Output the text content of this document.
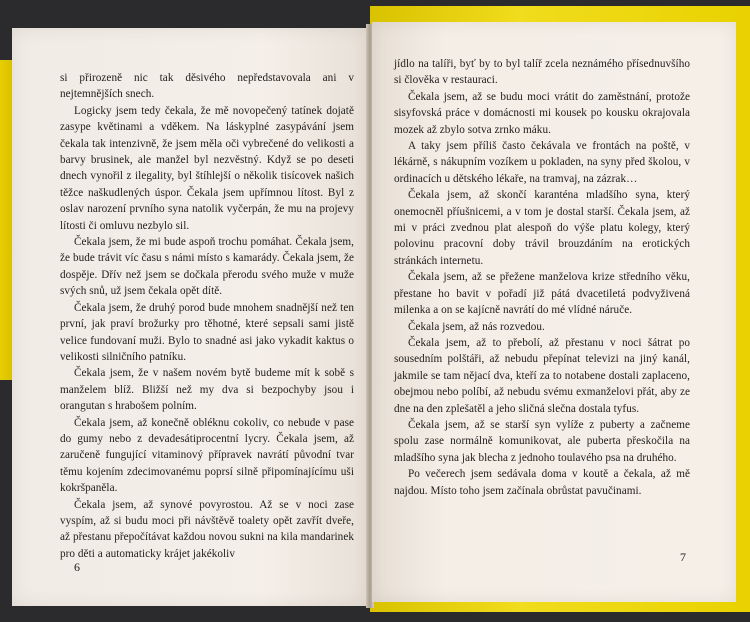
si přirozeně nic tak děsivého nepředstavovala ani v nejtemnějších snech.

Logicky jsem tedy čekala, že mě novopečený tatínek dojatě zasype květinami a vděkem. Na láskyplné zasypávání jsem čekala tak intenzivně, že jsem měla oči vybrečené do velikosti a barvy brusinek, ale manžel byl nezvěstný. Když se po deseti dnech vynořil z ilegality, byl štíhlejší o několik tisícovek našich těžce naškudlených úspor. Čekala jsem upřímnou lítost. Byl z oslav narození prvního syna natolik vyčerpán, že mu na projevy lítosti či omluvu nezbylo sil.

Čekala jsem, že mi bude aspoň trochu pomáhat. Čekala jsem, že bude trávit víc času s námi místo s kamarády. Čekala jsem, že dospěje. Dřív než jsem se dočkala přerodu svého muže v muže svých snů, už jsem čekala opět dítě.

Čekala jsem, že druhý porod bude mnohem snadnější než ten první, jak praví brožurky pro těhotné, které sepsali sami jistě velice fundovaní muži. Bylo to snadné asi jako vykadit kaktus o velikosti silničního patníku.

Čekala jsem, že v našem novém bytě budeme mít k sobě s manželem blíž. Bližší než my dva si bezpochyby jsou i orangutan s hrabošem polním.

Čekala jsem, až konečně obléknu cokoliv, co nebude v pase do gumy nebo z devadesátiprocentní lycry. Čekala jsem, až zaručeně fungující vitaminový přípravek navrátí původní tvar těmu kojením zdecimovanému poprsí silně připomínajícímu uši kokršpaněla.

Čekala jsem, až synové povyrostou. Až se v noci zase vyspím, až si budu moci při návštěvě toalety opět zavřít dveře, až přestanu přepočítávat každou novou sukni na kila mandarinek pro děti a automaticky krájet jakékoliv

6

jídlo na talíři, byť by to byl talíř zcela neznámého přísednuvšího si člověka v restauraci.

Čekala jsem, až se budu moci vrátit do zaměstnání, protože sisyfovská práce v domácnosti mi kousek po kousku okrajovala mozek až zbylo sotva zrnko máku.

A taky jsem příliš často čekávala ve frontách na poště, v lékárně, s nákupním vozíkem u pokladen, na syny před školou, v ordinacích u dětského lékaře, na tramvaj, na zázrak…

Čekala jsem, až skončí karanténa mladšího syna, který onemocněl příušnicemi, a v tom je dostal starší. Čekala jsem, až mi v práci zvednou plat alespoň do výše platu kolegy, který polovinu pracovní doby trávil brouzdáním na erotických stránkách internetu.

Čekala jsem, až se přežene manželova krize středního věku, přestane ho bavit v pořadí již pátá dvacetiletá podvyživená milenka a on se kajícně navrátí do mé vlídné náruče.

Čekala jsem, až nás rozvedou.

Čekala jsem, až to přebolí, až přestanu v noci šátrat po sousedním polštáři, až nebudu přepínat televizi na jiný kanál, jakmile se tam nějací dva, kteří za to notabene dostali zaplaceno, obejmou nebo políbí, až nebudu svému exmanželovi přát, aby ze dne na den zplešatěl a jeho sličná slečna dostala tyfus.

Čekala jsem, až se starší syn vylíže z puberty a začneme spolu zase normálně komunikovat, ale puberta přeskočila na mladšího syna jak blecha z jednoho toulavého psa na druhého.

Po večerech jsem sedávala doma v koutě a čekala, až mě najdou. Místo toho jsem začínala obrůstat pavučinami.

7
